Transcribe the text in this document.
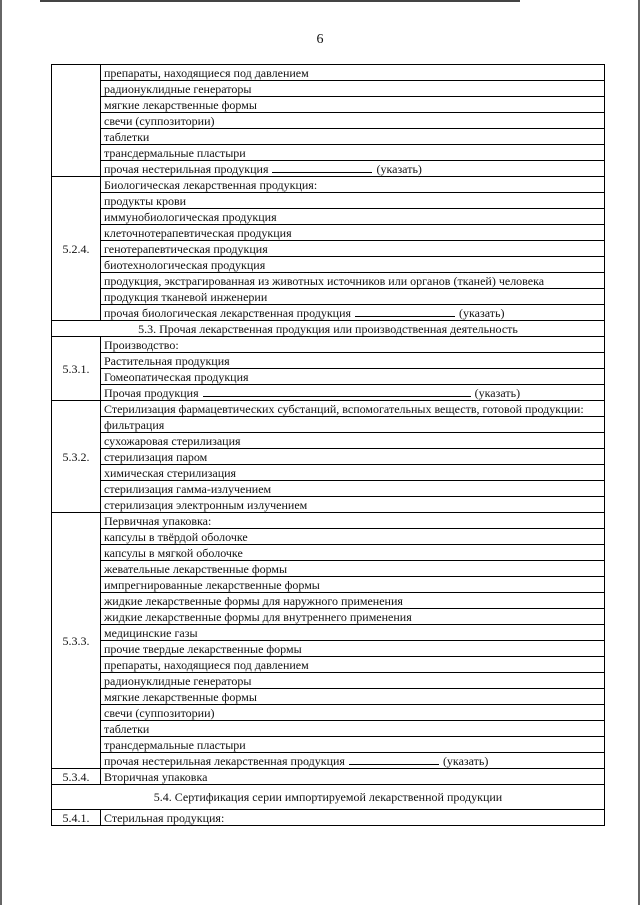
6
	препараты, находящиеся под давлением
	радионуклидные генераторы
	мягкие лекарственные формы
	свечи (суппозитории)
	таблетки
	трансдермальные пластыри
	прочая нестерильная продукция (указать)
5.2.4.	Биологическая лекарственная продукция:
	продукты крови
	иммунобиологическая продукция
	клеточнотерапевтическая продукция
	генотерапевтическая продукция
	биотехнологическая продукция
	продукция, экстрагированная из животных источников или органов (тканей) человека
	продукция тканевой инженерии
	прочая биологическая лекарственная продукция (указать)
5.3. Прочая лекарственная продукция или производственная деятельность	
5.3.1.	Производство:
	Растительная продукция
	Гомеопатическая продукция
	Прочая продукция (указать)
5.3.2.	Стерилизация фармацевтических субстанций, вспомогательных веществ, готовой продукции:
	фильтрация
	сухожаровая стерилизация
	стерилизация паром
	химическая стерилизация
	стерилизация гамма-излучением
	стерилизация электронным излучением
5.3.3.	Первичная упаковка:
	капсулы в твёрдой оболочке
	капсулы в мягкой оболочке
	жевательные лекарственные формы
	импрегнированные лекарственные формы
	жидкие лекарственные формы для наружного применения
	жидкие лекарственные формы для внутреннего применения
	медицинские газы
	прочие твердые лекарственные формы
	препараты, находящиеся под давлением
	радионуклидные генераторы
	мягкие лекарственные формы
	свечи (суппозитории)
	таблетки
	трансдермальные пластыри
	прочая нестерильная лекарственная продукция (указать)
5.3.4.	Вторичная упаковка
5.4. Сертификация серии импортируемой лекарственной продукции	
5.4.1.	Стерильная продукция:
